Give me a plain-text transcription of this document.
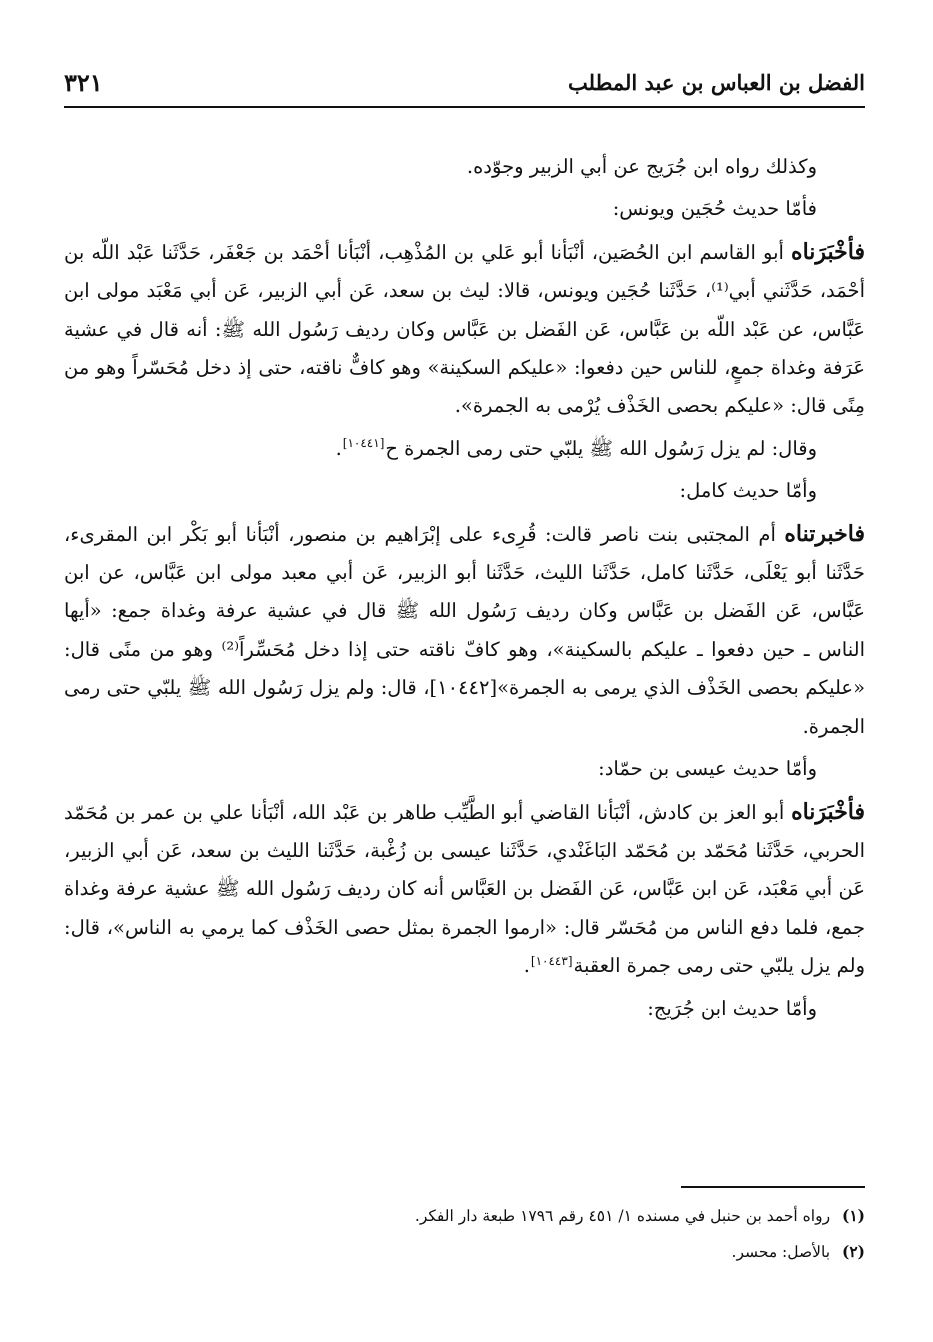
الفضل بن العباس بن عبد المطلب
٣٢١

وكذلك رواه ابن جُرَيج عن أبي الزبير وجوّده.

فأمّا حديث حُجَين ويونس:

فأخْبَرَناه أبو القاسم ابن الحُصَين، أنْبَأنا أبو عَلي بن المُذْهِب، أنْبَأنا أحْمَد بن جَعْفَر، حَدَّثَنا عَبْد اللّه بن أحْمَد، حَدَّثَني أبي⁽¹⁾، حَدَّثَنا حُجَين ويونس، قالا: ليث بن سعد، عَن أبي الزبير، عَن أبي مَعْبَد مولى ابن عَبَّاس، عن عَبْد اللّه بن عَبَّاس، عَن الفَضل بن عَبَّاس وكان رديف رَسُول الله ﷺ: أنه قال في عشية عَرَفة وغداة جمعٍ، للناس حين دفعوا: «عليكم السكينة» وهو كافٌّ ناقته، حتى إذ دخل مُحَسّراً وهو من مِنًى قال: «عليكم بحصى الخَذْف يُرْمى به الجمرة».

وقال: لم يزل رَسُول الله ﷺ يلبّي حتى رمى الجمرة ح[١٠٤٤١].

وأمّا حديث كامل:

فاخبرتناه أم المجتبى بنت ناصر قالت: قُرِىء على إبْرَاهيم بن منصور، أنْبَأنا أبو بَكْر ابن المقرىء، حَدَّثَنا أبو يَعْلَى، حَدَّثَنا كامل، حَدَّثَنا الليث، حَدَّثَنا أبو الزبير، عَن أبي معبد مولى ابن عَبَّاس، عن ابن عَبَّاس، عَن الفَضل بن عَبَّاس وكان رديف رَسُول الله ﷺ قال في عشية عرفة وغداة جمع: «أيها الناس ـ حين دفعوا ـ عليكم بالسكينة»، وهو كافّ ناقته حتى إذا دخل مُحَسِّراً⁽²⁾ وهو من منًى قال: «عليكم بحصى الخَذْف الذي يرمى به الجمرة»[١٠٤٤٢]، قال: ولم يزل رَسُول الله ﷺ يلبّي حتى رمى الجمرة.

وأمّا حديث عيسى بن حمّاد:

فأخْبَرَناه أبو العز بن كادش، أنْبَأنا القاضي أبو الطَّيِّب طاهر بن عَبْد الله، أنْبَأنا علي بن عمر بن مُحَمّد الحربي، حَدَّثَنا مُحَمّد بن مُحَمّد البَاغَنْدي، حَدَّثَنا عيسى بن زُغْبة، حَدَّثَنا الليث بن سعد، عَن أبي الزبير، عَن أبي مَعْبَد، عَن ابن عَبَّاس، عَن الفَضل بن العَبَّاس أنه كان رديف رَسُول الله ﷺ عشية عرفة وغداة جمع، فلما دفع الناس من مُحَسّر قال: «ارموا الجمرة بمثل حصى الخَذْف كما يرمي به الناس»، قال: ولم يزل يلبّي حتى رمى جمرة العقبة[١٠٤٤٣].

وأمّا حديث ابن جُرَيج:

(١) رواه أحمد بن حنبل في مسنده ١/ ٤٥١ رقم ١٧٩٦ طبعة دار الفكر.

(٢) بالأصل: محسر.
